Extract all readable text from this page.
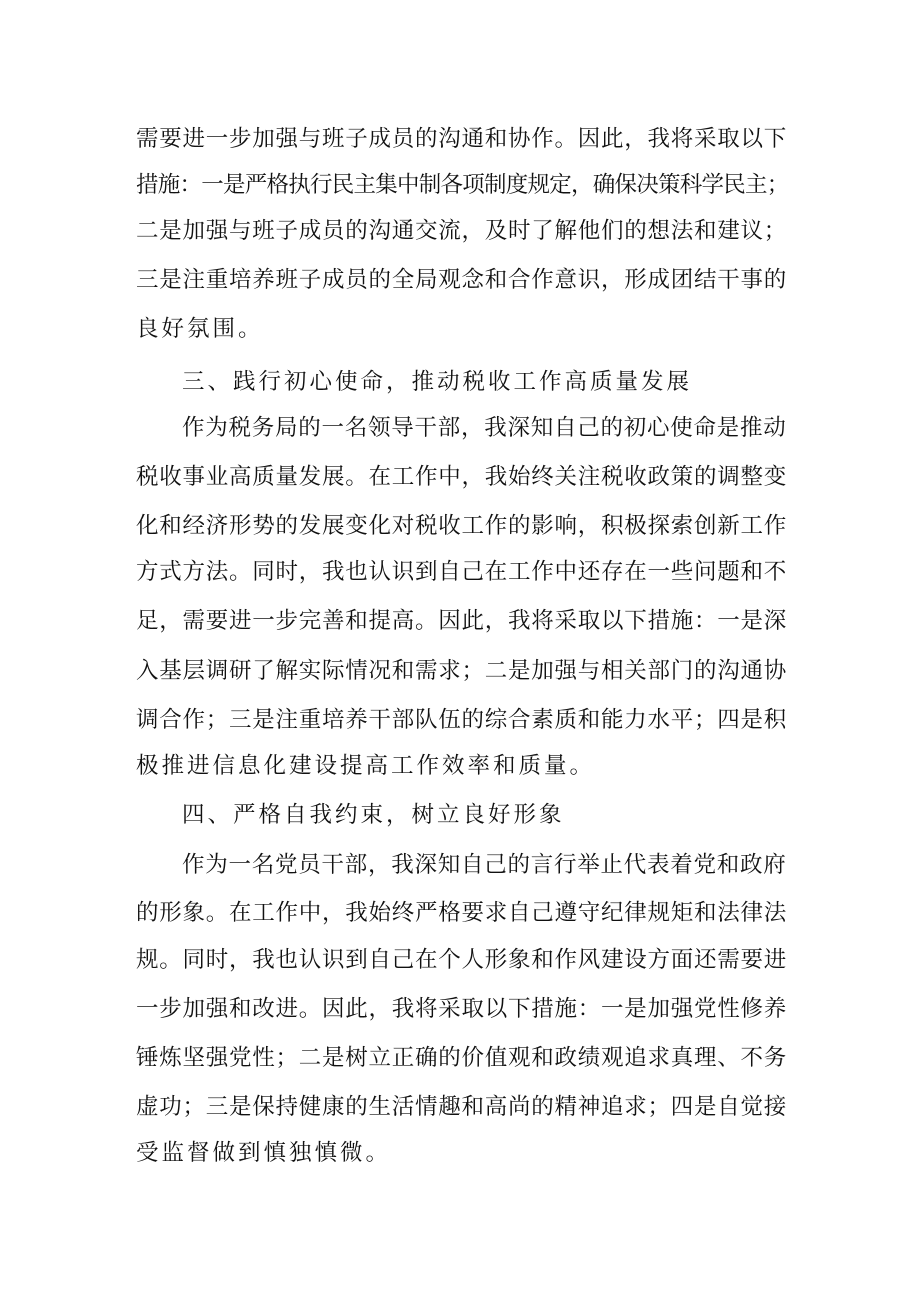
需要进一步加强与班子成员的沟通和协作。因此，我将采取以下
措施：一是严格执行民主集中制各项制度规定，确保决策科学民主；
二是加强与班子成员的沟通交流，及时了解他们的想法和建议；
三是注重培养班子成员的全局观念和合作意识，形成团结干事的
良好氛围。
三、践行初心使命，推动税收工作高质量发展
作为税务局的一名领导干部，我深知自己的初心使命是推动
税收事业高质量发展。在工作中，我始终关注税收政策的调整变
化和经济形势的发展变化对税收工作的影响，积极探索创新工作
方式方法。同时，我也认识到自己在工作中还存在一些问题和不
足，需要进一步完善和提高。因此，我将采取以下措施：一是深
入基层调研了解实际情况和需求；二是加强与相关部门的沟通协
调合作；三是注重培养干部队伍的综合素质和能力水平；四是积
极推进信息化建设提高工作效率和质量。
四、严格自我约束，树立良好形象
作为一名党员干部，我深知自己的言行举止代表着党和政府
的形象。在工作中，我始终严格要求自己遵守纪律规矩和法律法
规。同时，我也认识到自己在个人形象和作风建设方面还需要进
一步加强和改进。因此，我将采取以下措施：一是加强党性修养
锤炼坚强党性；二是树立正确的价值观和政绩观追求真理、不务
虚功；三是保持健康的生活情趣和高尚的精神追求；四是自觉接
受监督做到慎独慎微。
